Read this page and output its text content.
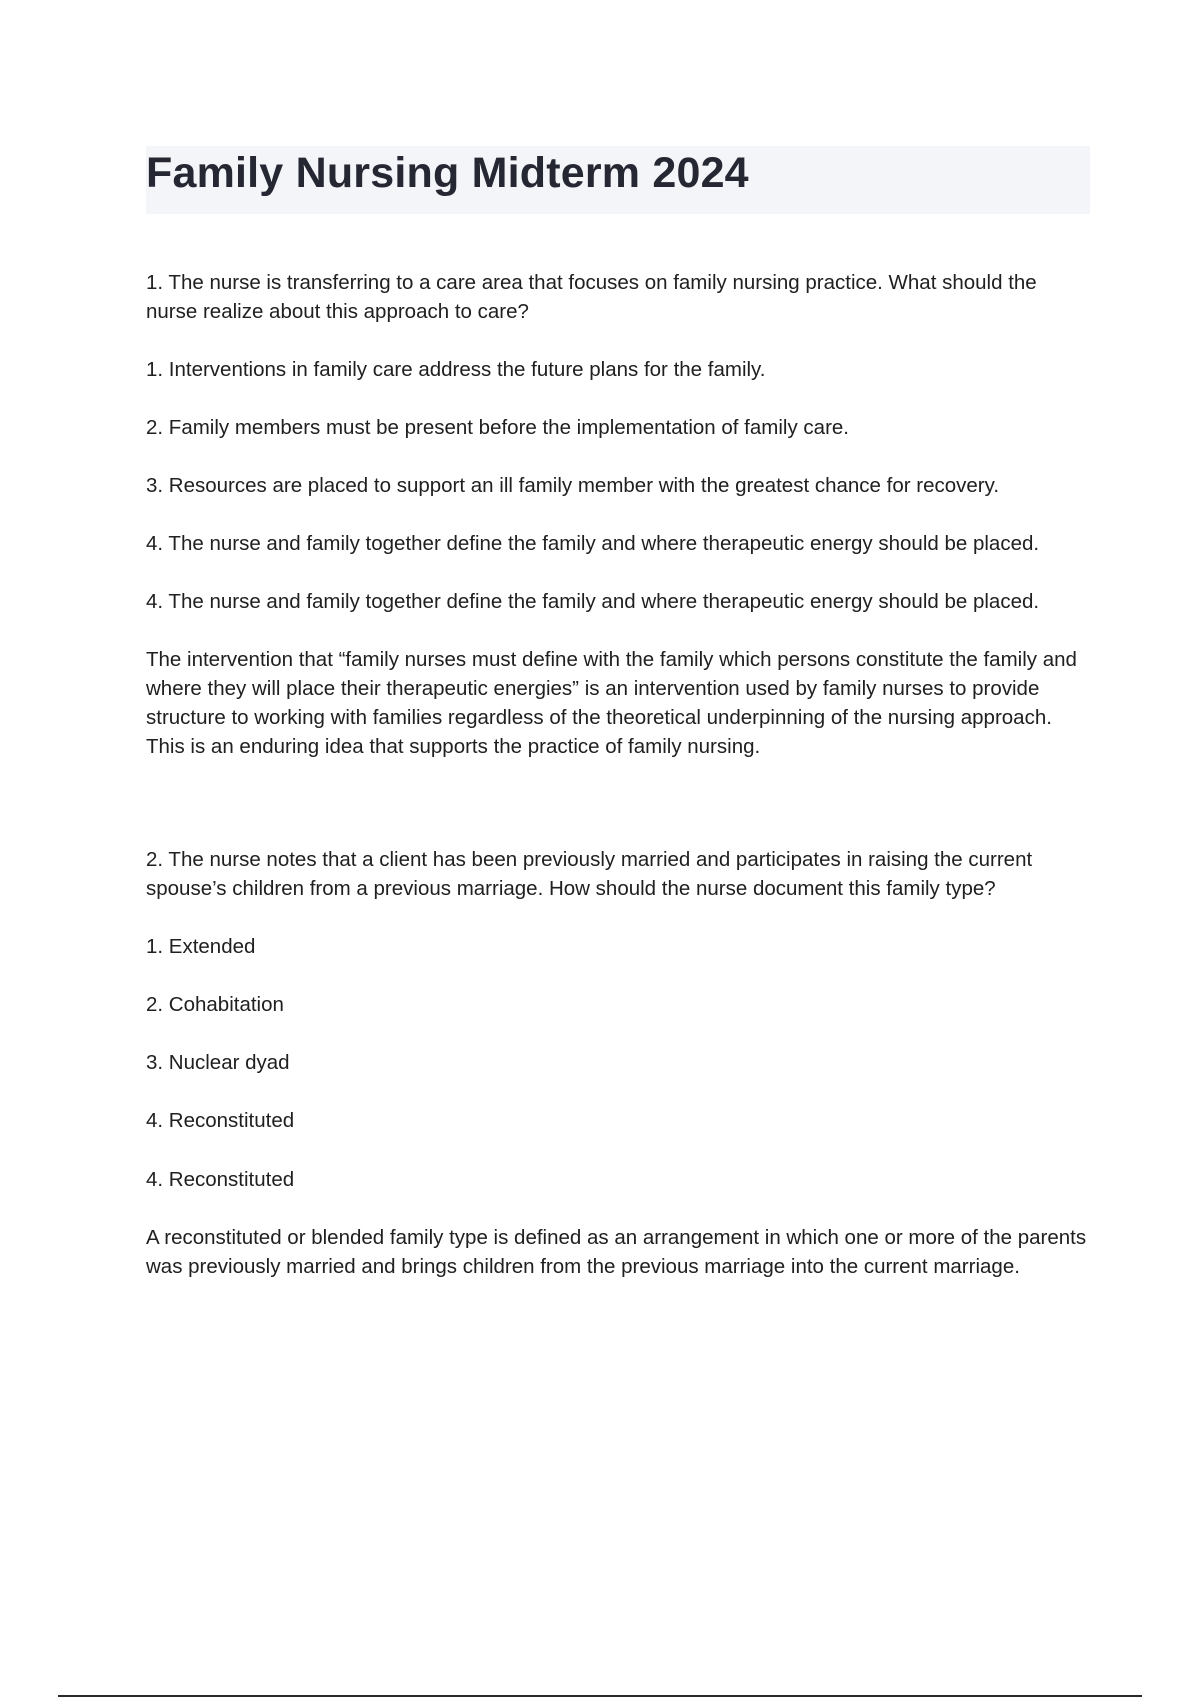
Family Nursing Midterm 2024

1. The nurse is transferring to a care area that focuses on family nursing practice. What should the nurse realize about this approach to care?

1. Interventions in family care address the future plans for the family.

2. Family members must be present before the implementation of family care.

3. Resources are placed to support an ill family member with the greatest chance for recovery.

4. The nurse and family together define the family and where therapeutic energy should be placed.

4. The nurse and family together define the family and where therapeutic energy should be placed.

The intervention that “family nurses must define with the family which persons constitute the family and where they will place their therapeutic energies” is an intervention used by family nurses to provide structure to working with families regardless of the theoretical underpinning of the nursing approach. This is an enduring idea that supports the practice of family nursing.

2. The nurse notes that a client has been previously married and participates in raising the current spouse’s children from a previous marriage. How should the nurse document this family type?

1. Extended

2. Cohabitation

3. Nuclear dyad

4. Reconstituted

4. Reconstituted

A reconstituted or blended family type is defined as an arrangement in which one or more of the parents was previously married and brings children from the previous marriage into the current marriage.
